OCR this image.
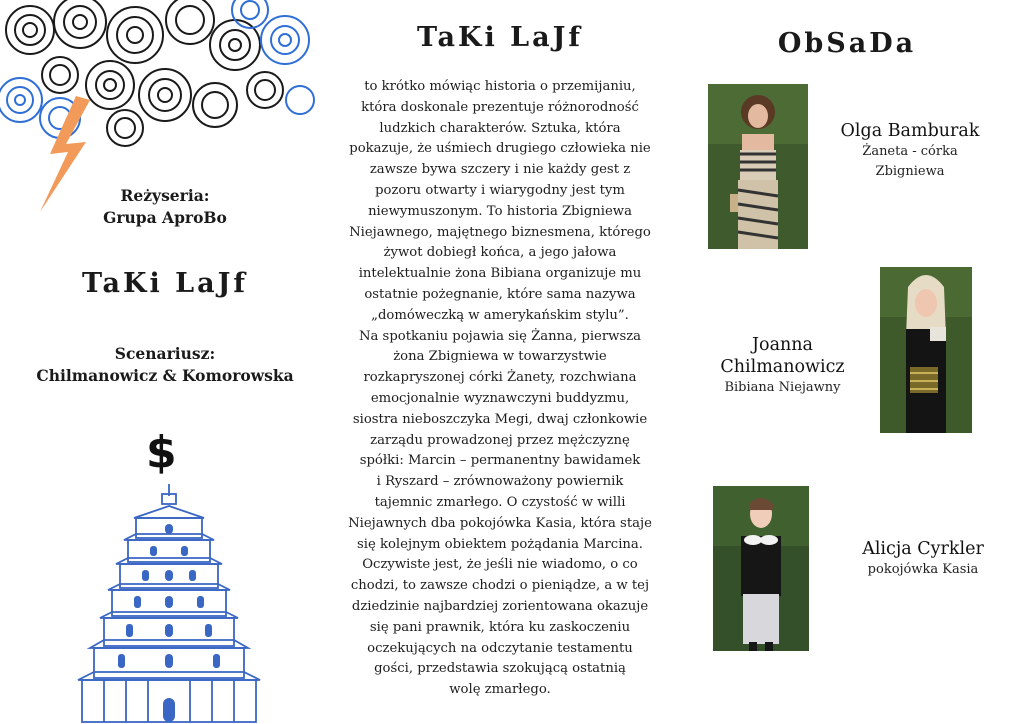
Reżyseria:
Grupa AproBo
TaKi LaJf
Scenariusz:
Chilmanowicz & Komorowska
$
TaKi LaJf
to krótko mówiąc historia o przemijaniu,
która doskonale prezentuje różnorodność
ludzkich charakterów. Sztuka, która
pokazuje, że uśmiech drugiego człowieka nie
zawsze bywa szczery i nie każdy gest z
pozoru otwarty i wiarygodny jest tym
niewymuszonym. To historia Zbigniewa
Niejawnego, majętnego biznesmena, którego
żywot dobiegł końca, a jego jałowa
intelektualnie żona Bibiana organizuje mu
ostatnie pożegnanie, które sama nazywa
„domóweczką w amerykańskim stylu”.
Na spotkaniu pojawia się Żanna, pierwsza
żona Zbigniewa w towarzystwie
rozkapryszonej córki Żanety, rozchwiana
emocjonalnie wyznawczyni buddyzmu,
siostra nieboszczyka Megi, dwaj członkowie
zarządu prowadzonej przez mężczyznę
spółki: Marcin – permanentny bawidamek
i Ryszard – zrównoważony powiernik
tajemnic zmarłego. O czystość w willi
Niejawnych dba pokojówka Kasia, która staje
się kolejnym obiektem pożądania Marcina.
Oczywiste jest, że jeśli nie wiadomo, o co
chodzi, to zawsze chodzi o pieniądze, a w tej
dziedzinie najbardziej zorientowana okazuje
się pani prawnik, która ku zaskoczeniu
oczekujących na odczytanie testamentu
gości, przedstawia szokującą ostatnią
wolę zmarłego.
ObSaDa
Olga Bamburak
Żaneta - córka
Zbigniewa
Joanna
Chilmanowicz
Bibiana Niejawny
Alicja Cyrkler
pokojówka Kasia
